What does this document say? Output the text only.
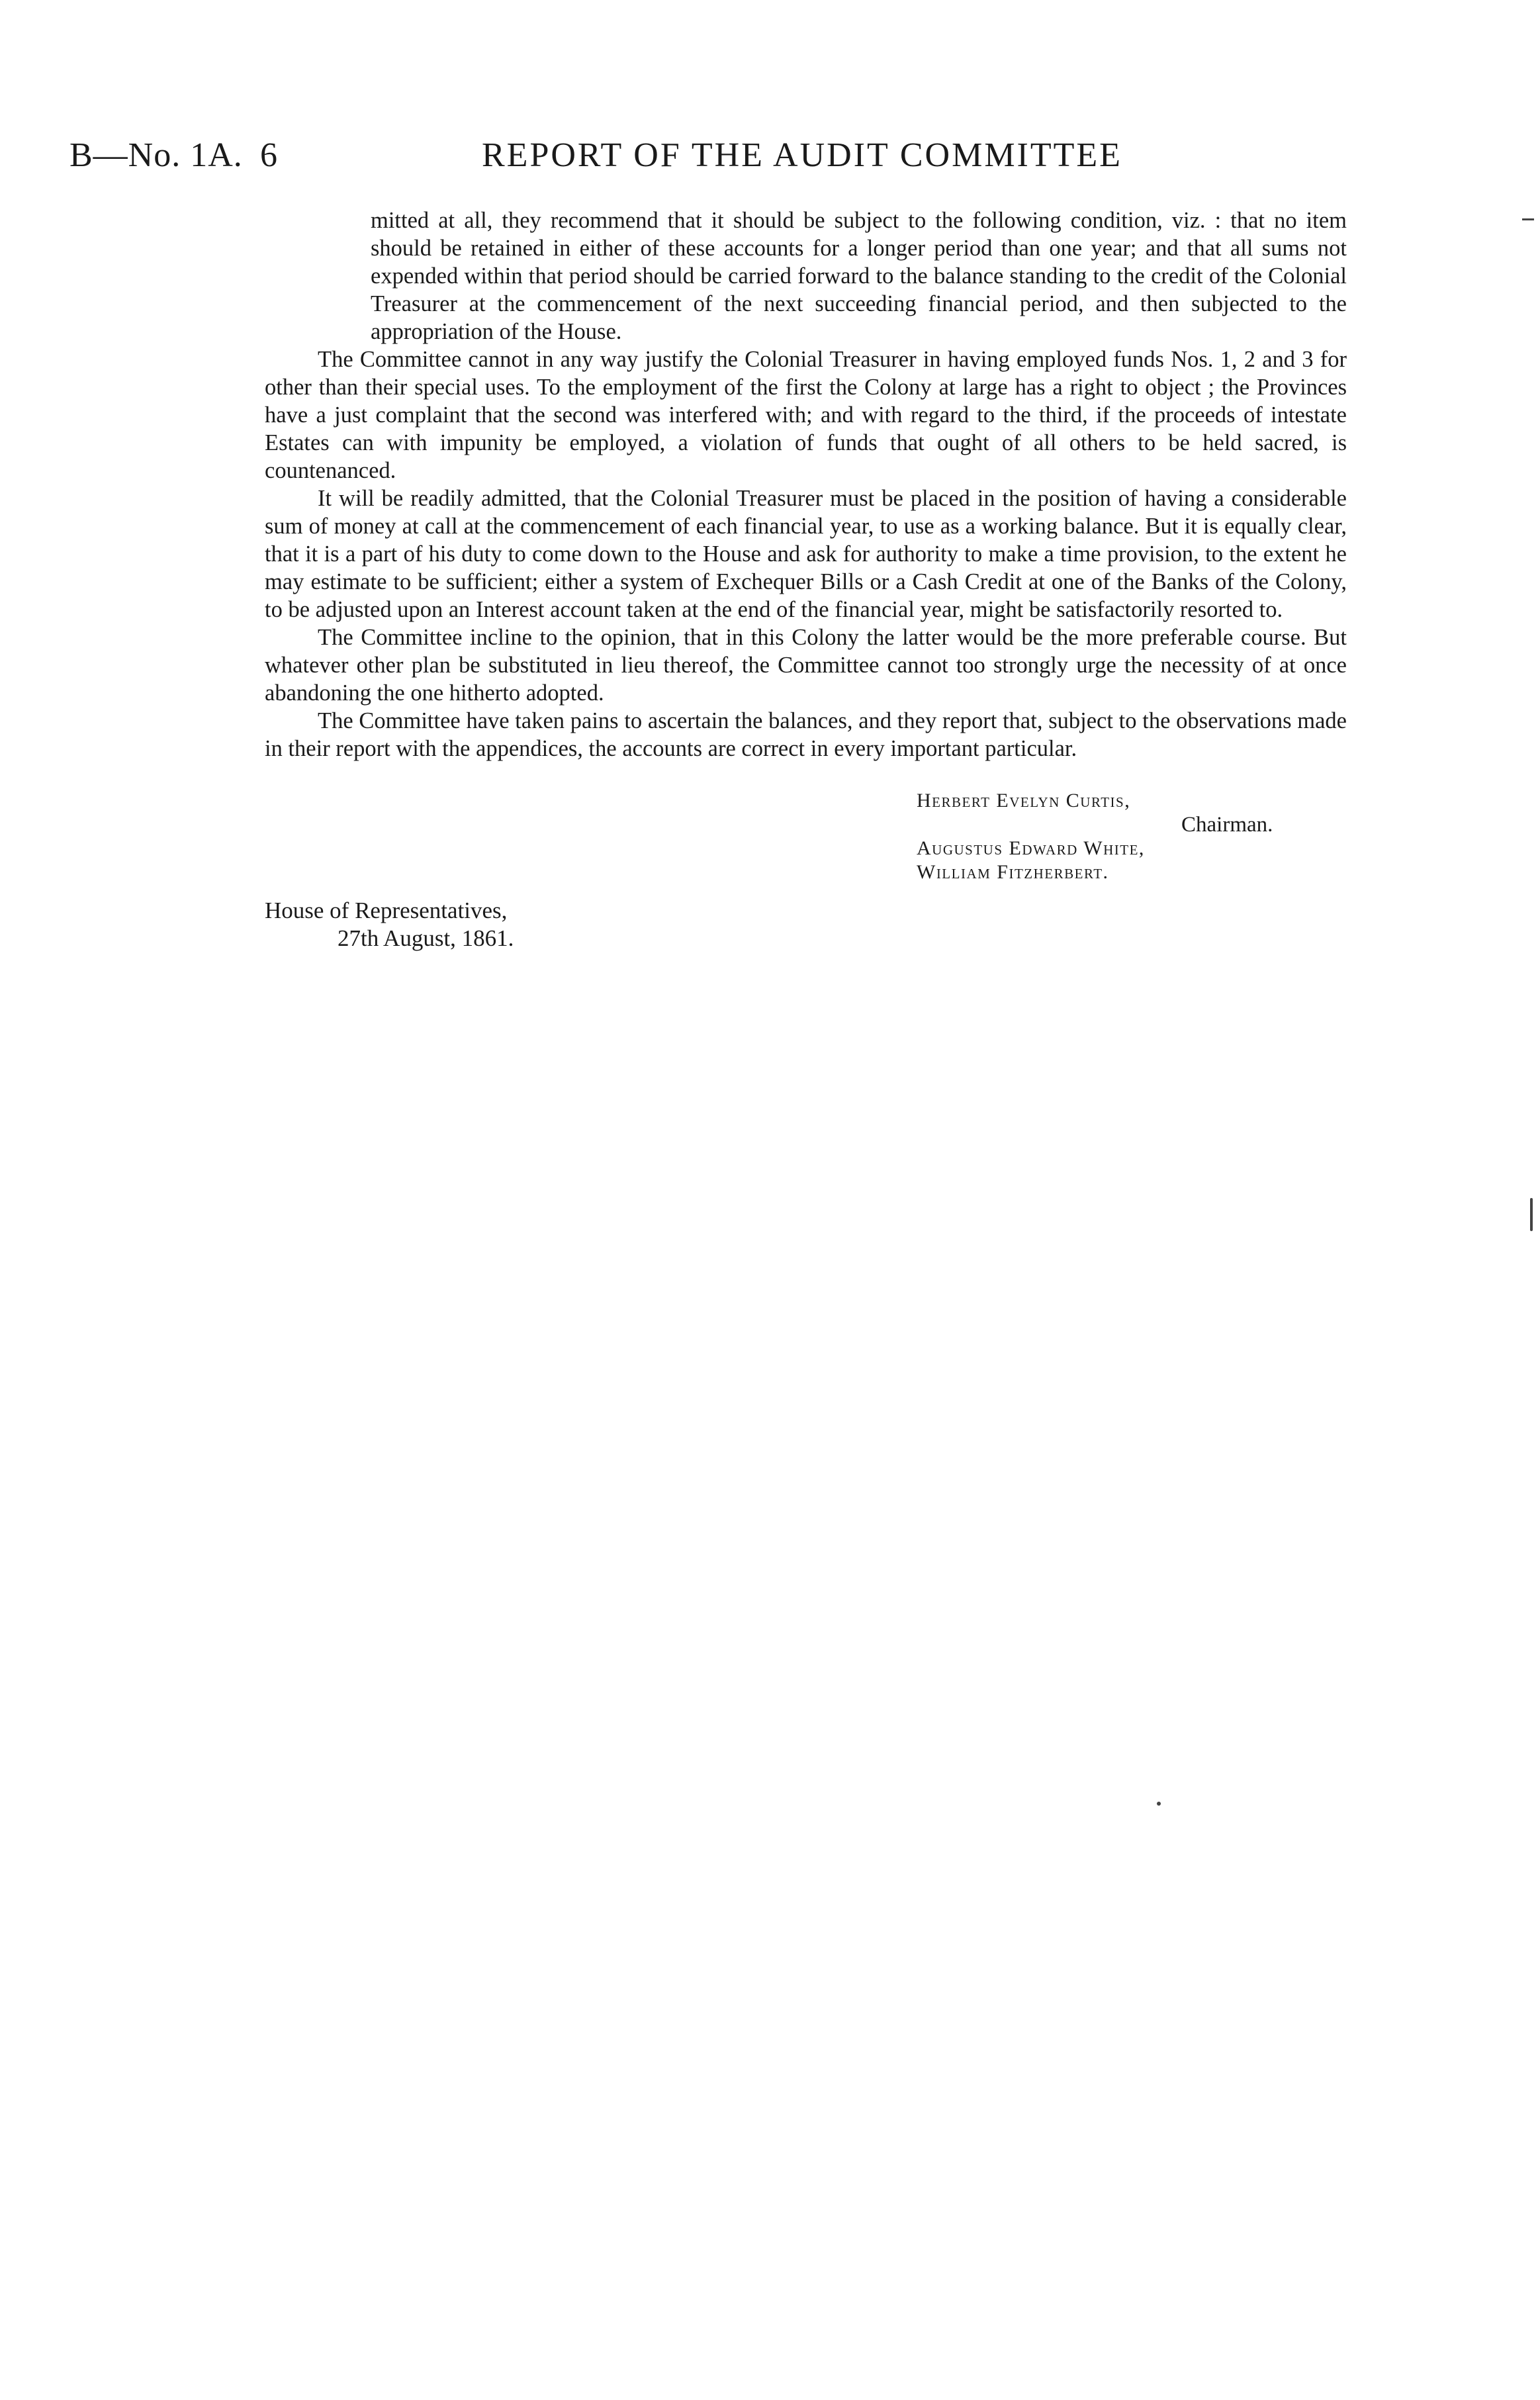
B—No. 1A. 6	REPORT OF THE AUDIT COMMITTEE

mitted at all, they recommend that it should be subject to the following condition, viz. : that no item should be retained in either of these accounts for a longer period than one year; and that all sums not expended within that period should be carried forward to the balance standing to the credit of the Colonial Treasurer at the commencement of the next succeeding financial period, and then subjected to the appropriation of the House.

The Committee cannot in any way justify the Colonial Treasurer in having employed funds Nos. 1, 2 and 3 for other than their special uses. To the employment of the first the Colony at large has a right to object ; the Provinces have a just complaint that the second was interfered with; and with regard to the third, if the proceeds of intestate Estates can with impunity be employed, a violation of funds that ought of all others to be held sacred, is countenanced.

It will be readily admitted, that the Colonial Treasurer must be placed in the position of having a considerable sum of money at call at the commencement of each financial year, to use as a working balance. But it is equally clear, that it is a part of his duty to come down to the House and ask for authority to make a time provision, to the extent he may estimate to be sufficient; either a system of Exchequer Bills or a Cash Credit at one of the Banks of the Colony, to be adjusted upon an Interest account taken at the end of the financial year, might be satisfactorily resorted to.

The Committee incline to the opinion, that in this Colony the latter would be the more preferable course. But whatever other plan be substituted in lieu thereof, the Committee cannot too strongly urge the necessity of at once abandoning the one hitherto adopted.

The Committee have taken pains to ascertain the balances, and they report that, subject to the observations made in their report with the appendices, the accounts are correct in every important particular.

Herbert Evelyn Curtis,
Chairman.
Augustus Edward White,
William Fitzherbert.
House of Representatives,
27th August, 1861.
